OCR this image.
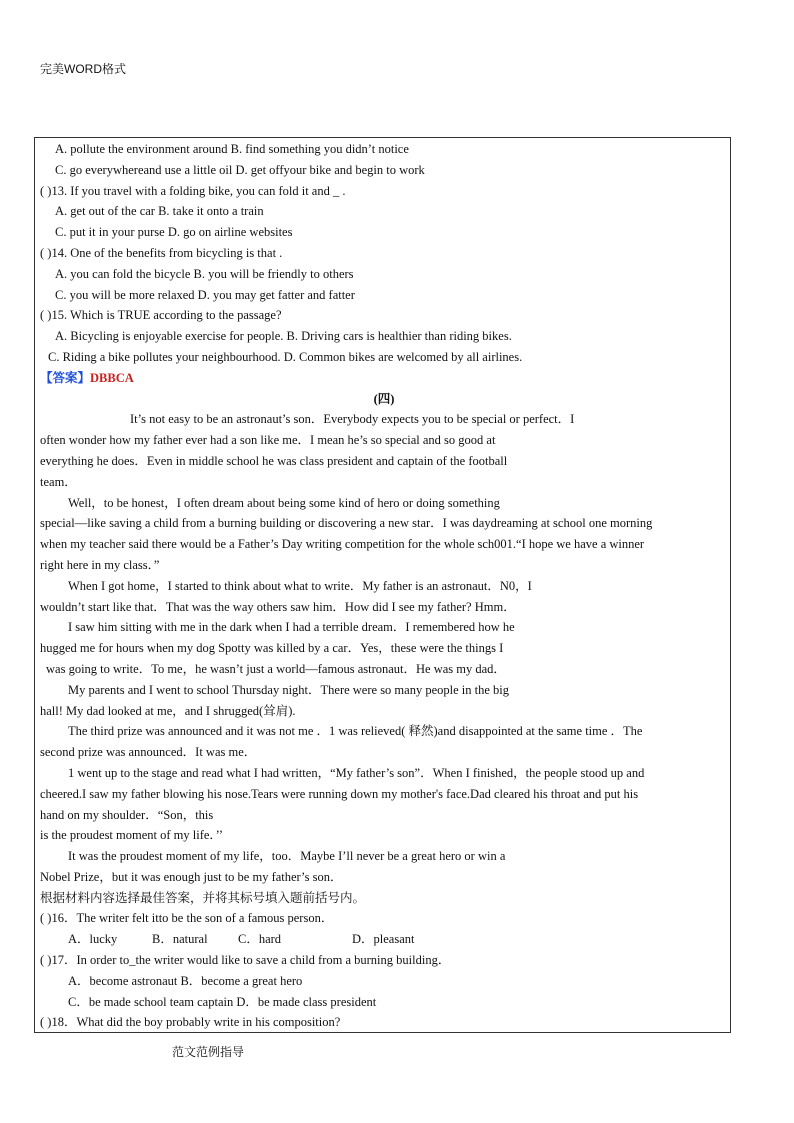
完美WORD格式
A. pollute the environment around B. find something you didn’t notice
C. go everywhereand use a little oil D. get offyour bike and begin to work
( )13. If you travel with a folding bike, you can fold it and _ .
A. get out of the car B. take it onto a train
C. put it in your purse D. go on airline websites
( )14. One of the benefits from bicycling is that .
A. you can fold the bicycle B. you will be friendly to others
C. you will be more relaxed D. you may get fatter and fatter
( )15. Which is TRUE according to the passage?
A. Bicycling is enjoyable exercise for people. B. Driving cars is healthier than riding bikes.
C. Riding a bike pollutes your neighbourhood. D. Common bikes are welcomed by all airlines.
【答案】DBBCA
(四)
It’s not easy to be an astronaut’s son．Everybody expects you to be special or perfect．I
often wonder how my father ever had a son like me．I mean he’s so special and so good at
everything he does．Even in middle school he was class president and captain of the football
team．
Well，to be honest，I often dream about being some kind of hero or doing something
special—like saving a child from a burning building or discovering a new star．I was daydreaming at school one morning
when my teacher said there would be a Father’s Day writing competition for the whole sch001.“I hope we have a winner
right here in my class．”
When I got home，I started to think about what to write．My father is an astronaut．N0，I
wouldn’t start like that．That was the way others saw him．How did I see my father? Hmm．
I saw him sitting with me in the dark when I had a terrible dream．I remembered how he
hugged me for hours when my dog Spotty was killed by a car．Yes，these were the things I
was going to write．To me，he wasn’t just a world—famous astronaut．He was my dad．
My parents and I went to school Thursday night．There were so many people in the big
hall! My dad looked at me，and I shrugged(耸肩).
The third prize was announced and it was not me ．1 was relieved( 释然)and disappointed at the same time ．The
second prize was announced．It was me．
1 went up to the stage and read what I had written，“My father’s son”．When I finished，the people stood up and
cheered.I saw my father blowing his nose.Tears were running down my mother's face.Dad cleared his throat and put his
hand on my shoulder．“Son，this
is the proudest moment of my life．’’
It was the proudest moment of my life，too．Maybe I’ll never be a great hero or win a
Nobel Prize，but it was enough just to be my father’s son．
根据材料内容选择最佳答案，并将其标号填入题前括号内。
( )16．The writer felt itto be the son of a famous person．
A．lucky	B．natural C．hard	D．pleasant
( )17．In order to_the writer would like to save a child from a burning building．
A．become astronaut B．become a great hero
C．be made school team captain D．be made class president
( )18．What did the boy probably write in his composition?
范文范例指导
